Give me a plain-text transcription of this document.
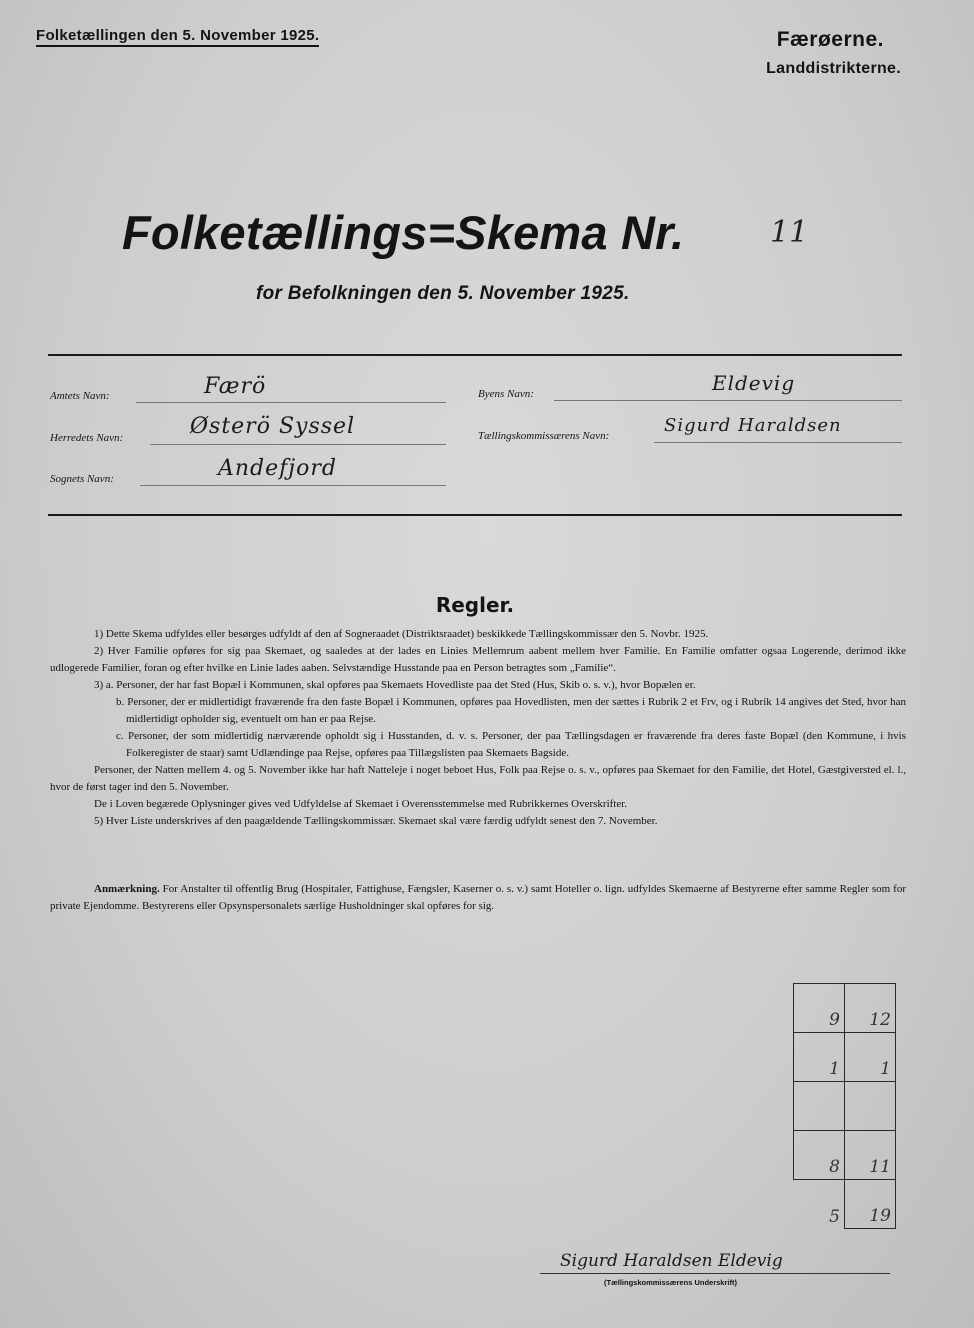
Folketællingen den 5. November 1925.	Færøerne.
Landdistrikterne.
Folketællings=Skema Nr.	11
for Befolkningen den 5. November 1925.
Amtets Navn:	Færö
Herredets Navn:	Østerö Syssel
Sognets Navn:	Andefjord
Byens Navn:	Eldevig
Tællingskommissærens Navn:	Sigurd Haraldsen
Regler.

1) Dette Skema udfyldes eller besørges udfyldt af den af Sogneraadet (Distriktsraadet) beskikkede Tællingskommissær den 5. Novbr. 1925.

2) Hver Familie opføres for sig paa Skemaet, og saaledes at der lades en Linies Mellemrum aabent mellem hver Familie. En Familie omfatter ogsaa Logerende, derimod ikke udlogerede Familier, foran og efter hvilke en Linie lades aaben. Selvstændige Husstande paa en Person betragtes som „Familie“.

3) a. Personer, der har fast Bopæl i Kommunen, skal opføres paa Skemaets Hovedliste paa det Sted (Hus, Skib o. s. v.), hvor Bopælen er.

b. Personer, der er midlertidigt fraværende fra den faste Bopæl i Kommunen, opføres paa Hovedlisten, men der sættes i Rubrik 2 et Frv, og i Rubrik 14 angives det Sted, hvor han midlertidigt opholder sig, eventuelt om han er paa Rejse.

c. Personer, der som midlertidig nærværende opholdt sig i Husstanden, d. v. s. Personer, der paa Tællingsdagen er fraværende fra deres faste Bopæl (den Kommune, i hvis Folkeregister de staar) samt Udlændinge paa Rejse, opføres paa Tillægslisten paa Skemaets Bagside.

Personer, der Natten mellem 4. og 5. November ikke har haft Natteleje i noget beboet Hus, Folk paa Rejse o. s. v., opføres paa Skemaet for den Familie, det Hotel, Gæstgiversted el. l., hvor de først tager ind den 5. November.

De i Loven begærede Oplysninger gives ved Udfyldelse af Skemaet i Overensstemmelse med Rubrikkernes Overskrifter.

5) Hver Liste underskrives af den paagældende Tællingskommissær. Skemaet skal være færdig udfyldt senest den 7. November.

Anmærkning. For Anstalter til offentlig Brug (Hospitaler, Fattighuse, Fængsler, Kaserner o. s. v.) samt Hoteller o. lign. udfyldes Skemaerne af Bestyrerne efter samme Regler som for private Ejendomme. Bestyrerens eller Opsynspersonalets særlige Husholdninger skal opføres for sig.

9	12
1	1

8	11
5	19
Sigurd Haraldsen Eldevig
(Tællingskommissærens Underskrift)
